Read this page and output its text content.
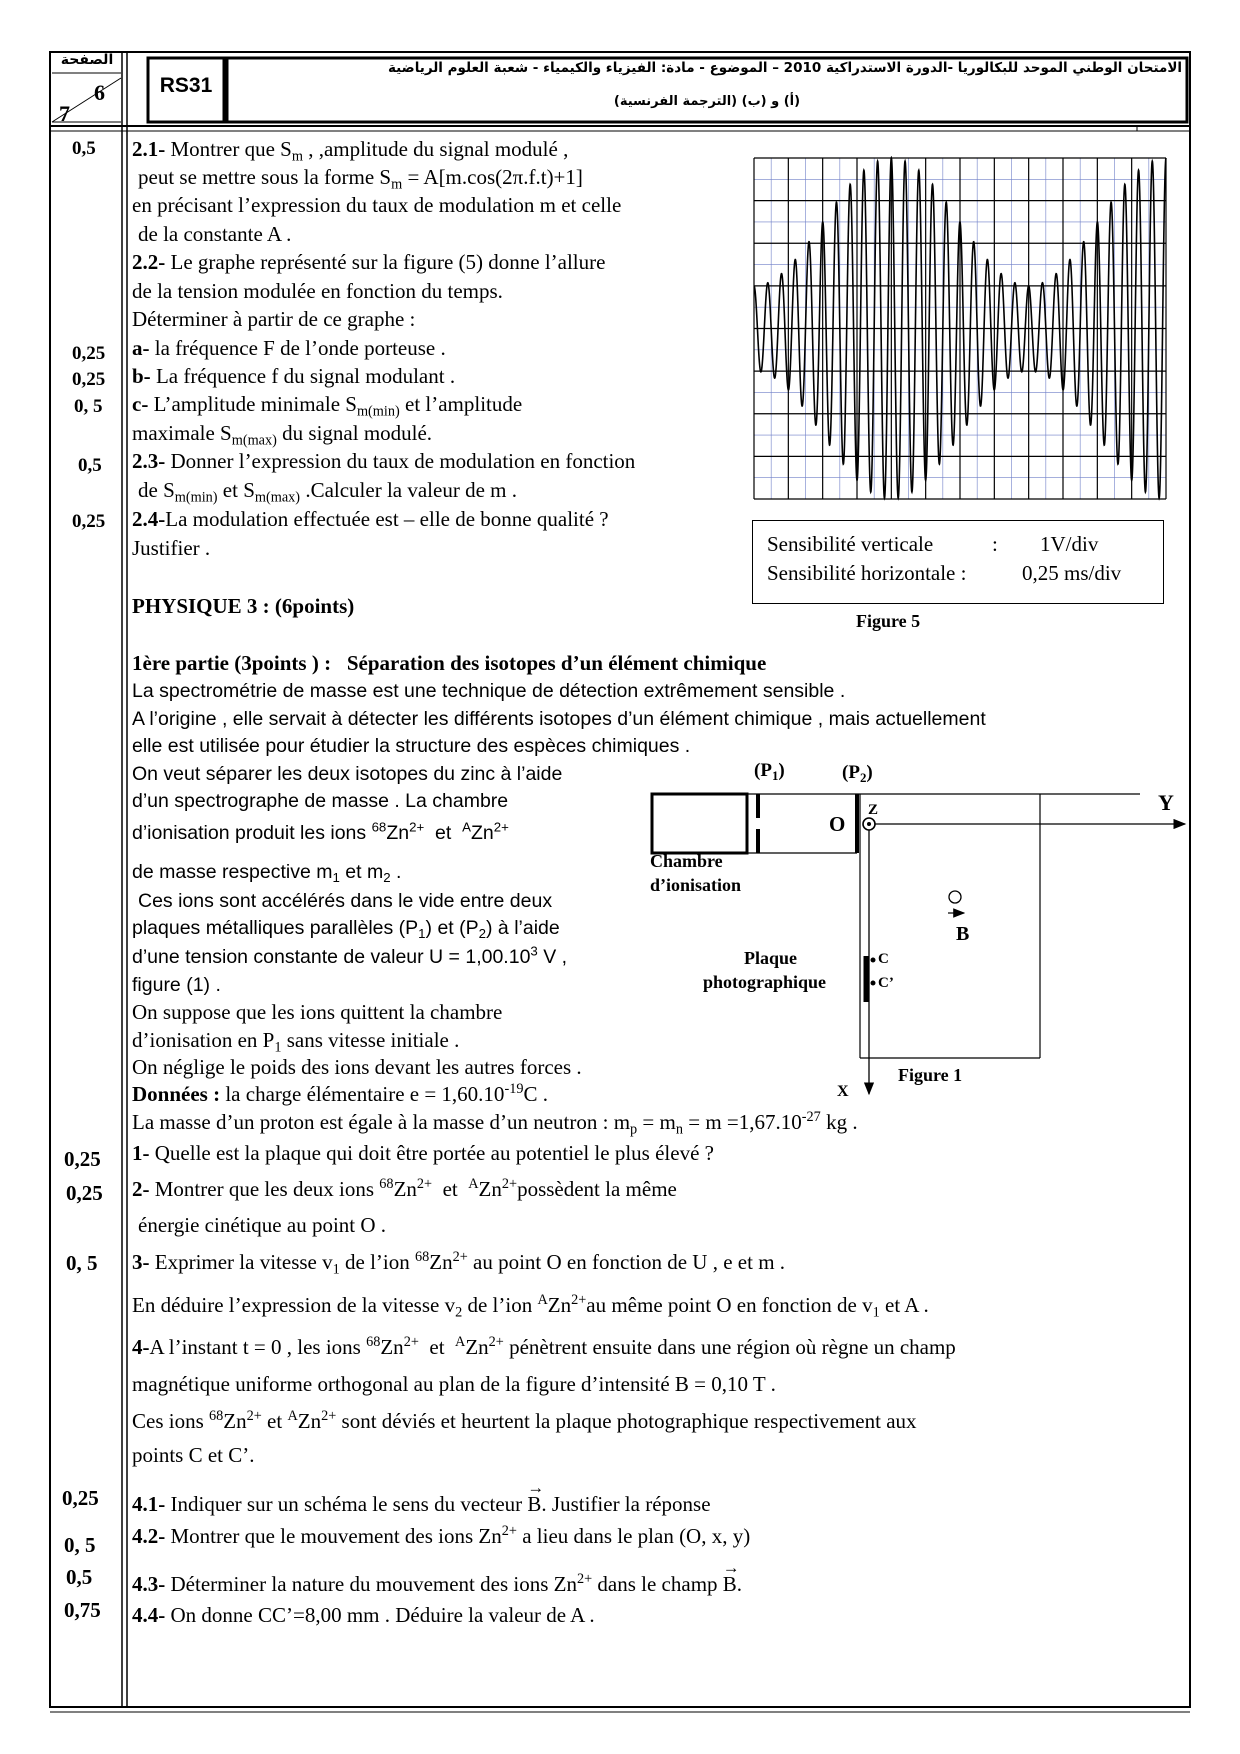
الصفحة
6
7
RS31
الامتحان الوطني الموحد للبكالوريا -الدورة الاستدراكية 2010 – الموضوع - مادة: الفيزياء والكيمياء - شعبة العلوم الرياضية
(أ) و (ب) (الترجمة الفرنسية)
0,5
0,25
0,25
0, 5
0,5
0,25
0,25
0,25
0, 5
0,25
0, 5
0,5
0,75
2.1- Montrer que $S_m$ , ,amplitude du signal modulé ,
peut se mettre sous la forme $S_m = A[m.\cos(2\pi.f.t)+1]$
en précisant l’expression du taux de modulation m et celle
de la constante A .
2.2- Le graphe représenté sur la figure (5) donne l’allure
de la tension modulée en fonction du temps.
Déterminer à partir de ce graphe :
a- la fréquence F de l’onde porteuse .
b- La fréquence f du signal modulant .
c- L’amplitude minimale $S_{m(min)}$ et l’amplitude
maximale $S_{m(max)}$ du signal modulé.
2.3- Donner l’expression du taux de modulation en fonction
de $S_{m(min)}$ et $S_{m(max)}$ .Calculer la valeur de m .
2.4-La modulation effectuée est – elle de bonne qualité ?
Justifier .	Sensibilité verticale	: 1V/div
Sensibilité horizontale :	0,25 ms/div
Figure 5
PHYSIQUE 3 : (6points)
1ère partie (3points ) : Séparation des isotopes d’un élément chimique
La spectrométrie de masse est une technique de détection extrêmement sensible .
A l’origine , elle servait à détecter les différents isotopes d’un élément chimique , mais actuellement
elle est utilisée pour étudier la structure des espèces chimiques .
On veut séparer les deux isotopes du zinc à l’aide
d’un spectrographe de masse . La chambre
d’ionisation produit les ions $^{68}Zn^{2+}$ et $^AZn^{2+}$
de masse respective $m_1$ et $m_2$ .
Ces ions sont accélérés dans le vide entre deux
plaques métalliques parallèles $(P_1)$ et $(P_2)$ à l’aide
d’une tension constante de valeur $U = 1,00.10^3$ V ,
figure (1) .
On suppose que les ions quittent la chambre
d’ionisation en $P_1$ sans vitesse initiale .
On néglige le poids des ions devant les autres forces .
Données : la charge élémentaire $e = 1,60.10^{-19}C$ .
La masse d’un proton est égale à la masse d’un neutron : $m_p = m_n = m =1,67.10^{-27}$ kg .
$(P_1)$	$(P_2)$
O
Z	Y
X
B
C
C’
Chambre
d’ionisation
Plaque
photographique
Figure 1
1- Quelle est la plaque qui doit être portée au potentiel le plus élevé ?
2- Montrer que les deux ions $^{68}Zn^{2+}$ et $^AZn^{2+}possèdent$ la même
énergie cinétique au point O .
3- Exprimer la vitesse $v_1$ de l’ion $^{68}Zn^{2+}$ au point O en fonction de U , e et m .
En déduire l’expression de la vitesse $v_2$ de l’ion $^AZn^{2+}au$ même point O en fonction de $v_1$ et A .
4-A l’instant t = 0 , les ions $^{68}Zn^{2+}$ et $^AZn^{2+}$ pénètrent ensuite dans une région où règne un champ
magnétique uniforme orthogonal au plan de la figure d’intensité B = 0,10 T .
Ces ions $^{68}Zn^{2+}$ et $^AZn^{2+}$ sont déviés et heurtent la plaque photographique respectivement aux
points C et C’.
4.1- Indiquer sur un schéma le sens du vecteur → B. Justifier la réponse
4.2- Montrer que le mouvement des ions $Zn^{2+}$ a lieu dans le plan (O, x, y)
4.3- Déterminer la nature du mouvement des ions $Zn^{2+}$ dans le champ → B.
4.4- On donne CC’=8,00 mm . Déduire la valeur de A .
